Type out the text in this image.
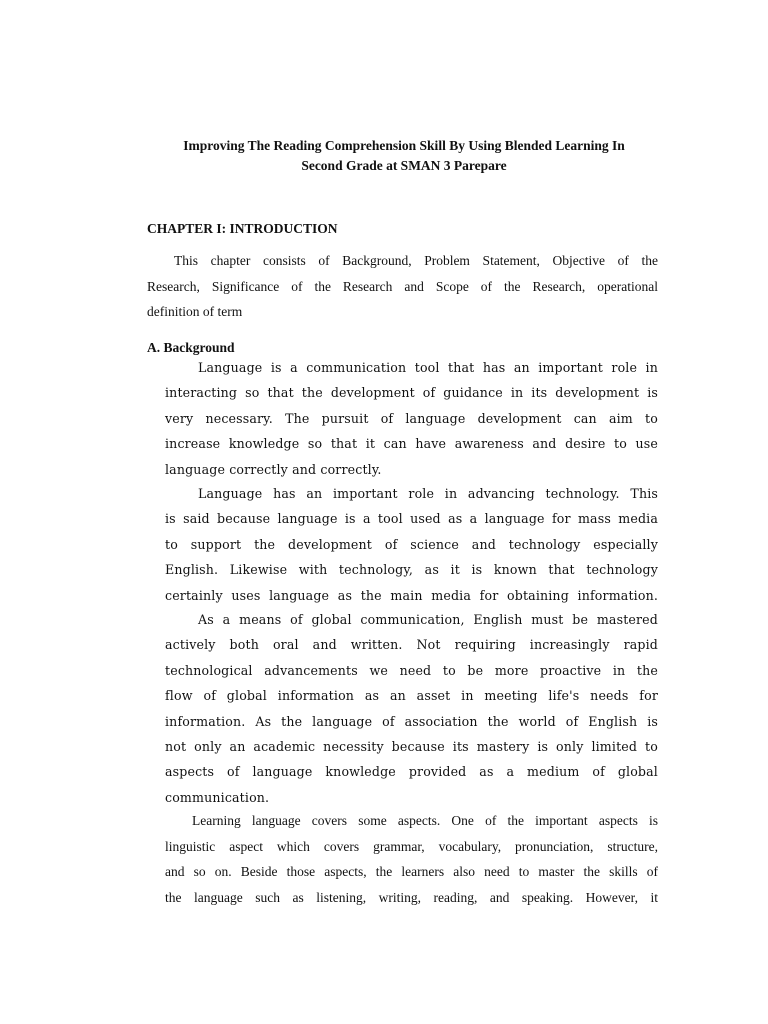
Improving The Reading Comprehension Skill By Using Blended Learning In
Second Grade at SMAN 3 Parepare
CHAPTER I: INTRODUCTION
This chapter consists of Background, Problem Statement, Objective of the
Research, Significance of the Research and Scope of the Research, operational
definition of term
A. Background
Language is a communication tool that has an important role in
interacting so that the development of guidance in its development is
very necessary. The pursuit of language development can aim to
increase knowledge so that it can have awareness and desire to use
language correctly and correctly.
Language has an important role in advancing technology. This
is said because language is a tool used as a language for mass media
to support the development of science and technology especially
English. Likewise with technology, as it is known that technology
certainly uses language as the main media for obtaining information.
As a means of global communication, English must be mastered
actively both oral and written. Not requiring increasingly rapid
technological advancements we need to be more proactive in the
flow of global information as an asset in meeting life's needs for
information. As the language of association the world of English is
not only an academic necessity because its mastery is only limited to
aspects of language knowledge provided as a medium of global
communication.
Learning language covers some aspects. One of the important aspects is
linguistic aspect which covers grammar, vocabulary, pronunciation, structure,
and so on. Beside those aspects, the learners also need to master the skills of
the language such as listening, writing, reading, and speaking. However, it
